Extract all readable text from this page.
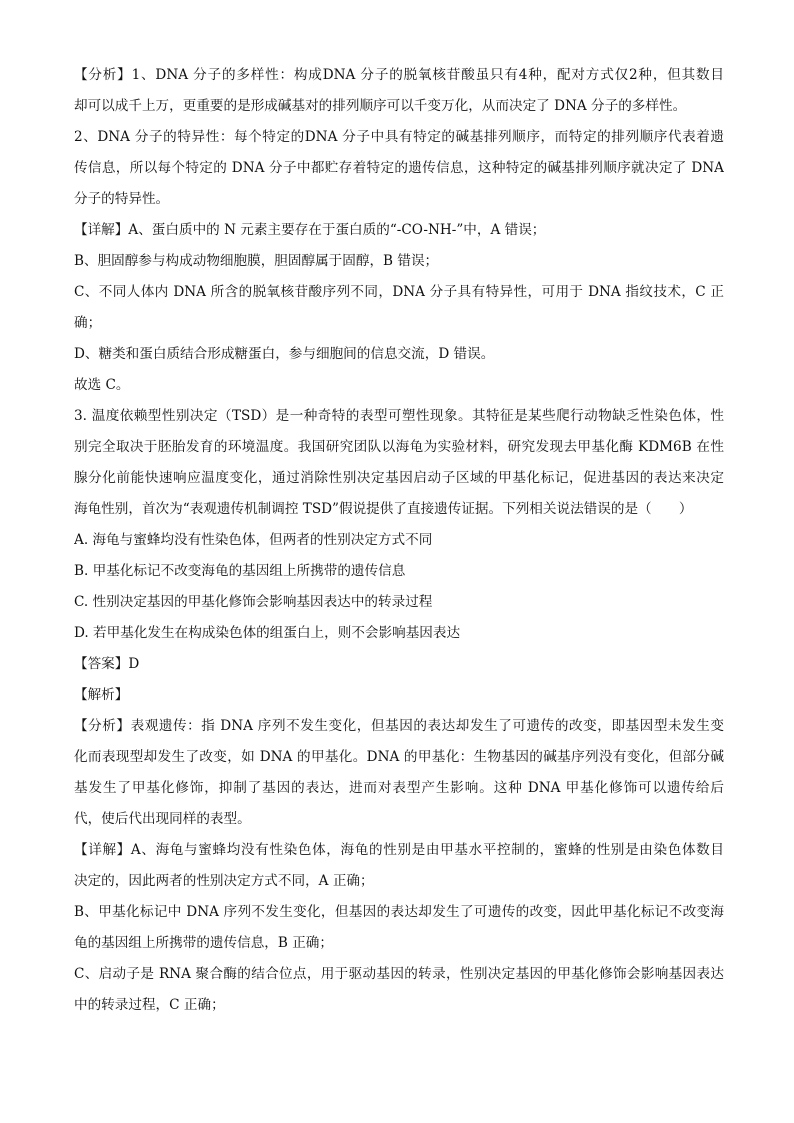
【分析】1、DNA 分子的多样性：构成DNA 分子的脱氧核苷酸虽只有4种，配对方式仅2种，但其数目
却可以成千上万，更重要的是形成碱基对的排列顺序可以千变万化，从而决定了 DNA 分子的多样性。
2、DNA 分子的特异性：每个特定的DNA 分子中具有特定的碱基排列顺序，而特定的排列顺序代表着遗
传信息，所以每个特定的 DNA 分子中都贮存着特定的遗传信息，这种特定的碱基排列顺序就决定了 DNA
分子的特异性。
【详解】A、蛋白质中的 N 元素主要存在于蛋白质的“-CO-NH-”中，A 错误；
B、胆固醇参与构成动物细胞膜，胆固醇属于固醇，B 错误；
C、不同人体内 DNA 所含的脱氧核苷酸序列不同，DNA 分子具有特异性，可用于 DNA 指纹技术，C 正
确；
D、糖类和蛋白质结合形成糖蛋白，参与细胞间的信息交流，D 错误。
故选 C。
3. 温度依赖型性别决定（TSD）是一种奇特的表型可塑性现象。其特征是某些爬行动物缺乏性染色体，性
别完全取决于胚胎发育的环境温度。我国研究团队以海龟为实验材料，研究发现去甲基化酶 KDM6B 在性
腺分化前能快速响应温度变化，通过消除性别决定基因启动子区域的甲基化标记，促进基因的表达来决定
海龟性别，首次为“表观遗传机制调控 TSD”假说提供了直接遗传证据。下列相关说法错误的是（　　）
A. 海龟与蜜蜂均没有性染色体，但两者的性别决定方式不同
B. 甲基化标记不改变海龟的基因组上所携带的遗传信息
C. 性别决定基因的甲基化修饰会影响基因表达中的转录过程
D. 若甲基化发生在构成染色体的组蛋白上，则不会影响基因表达
【答案】D
【解析】
【分析】表观遗传：指 DNA 序列不发生变化，但基因的表达却发生了可遗传的改变，即基因型未发生变
化而表现型却发生了改变，如 DNA 的甲基化。DNA 的甲基化：生物基因的碱基序列没有变化，但部分碱
基发生了甲基化修饰，抑制了基因的表达，进而对表型产生影响。这种 DNA 甲基化修饰可以遗传给后
代，使后代出现同样的表型。
【详解】A、海龟与蜜蜂均没有性染色体，海龟的性别是由甲基水平控制的，蜜蜂的性别是由染色体数目
决定的，因此两者的性别决定方式不同，A 正确；
B、甲基化标记中 DNA 序列不发生变化，但基因的表达却发生了可遗传的改变，因此甲基化标记不改变海
龟的基因组上所携带的遗传信息，B 正确；
C、启动子是 RNA 聚合酶的结合位点，用于驱动基因的转录，性别决定基因的甲基化修饰会影响基因表达
中的转录过程，C 正确；
